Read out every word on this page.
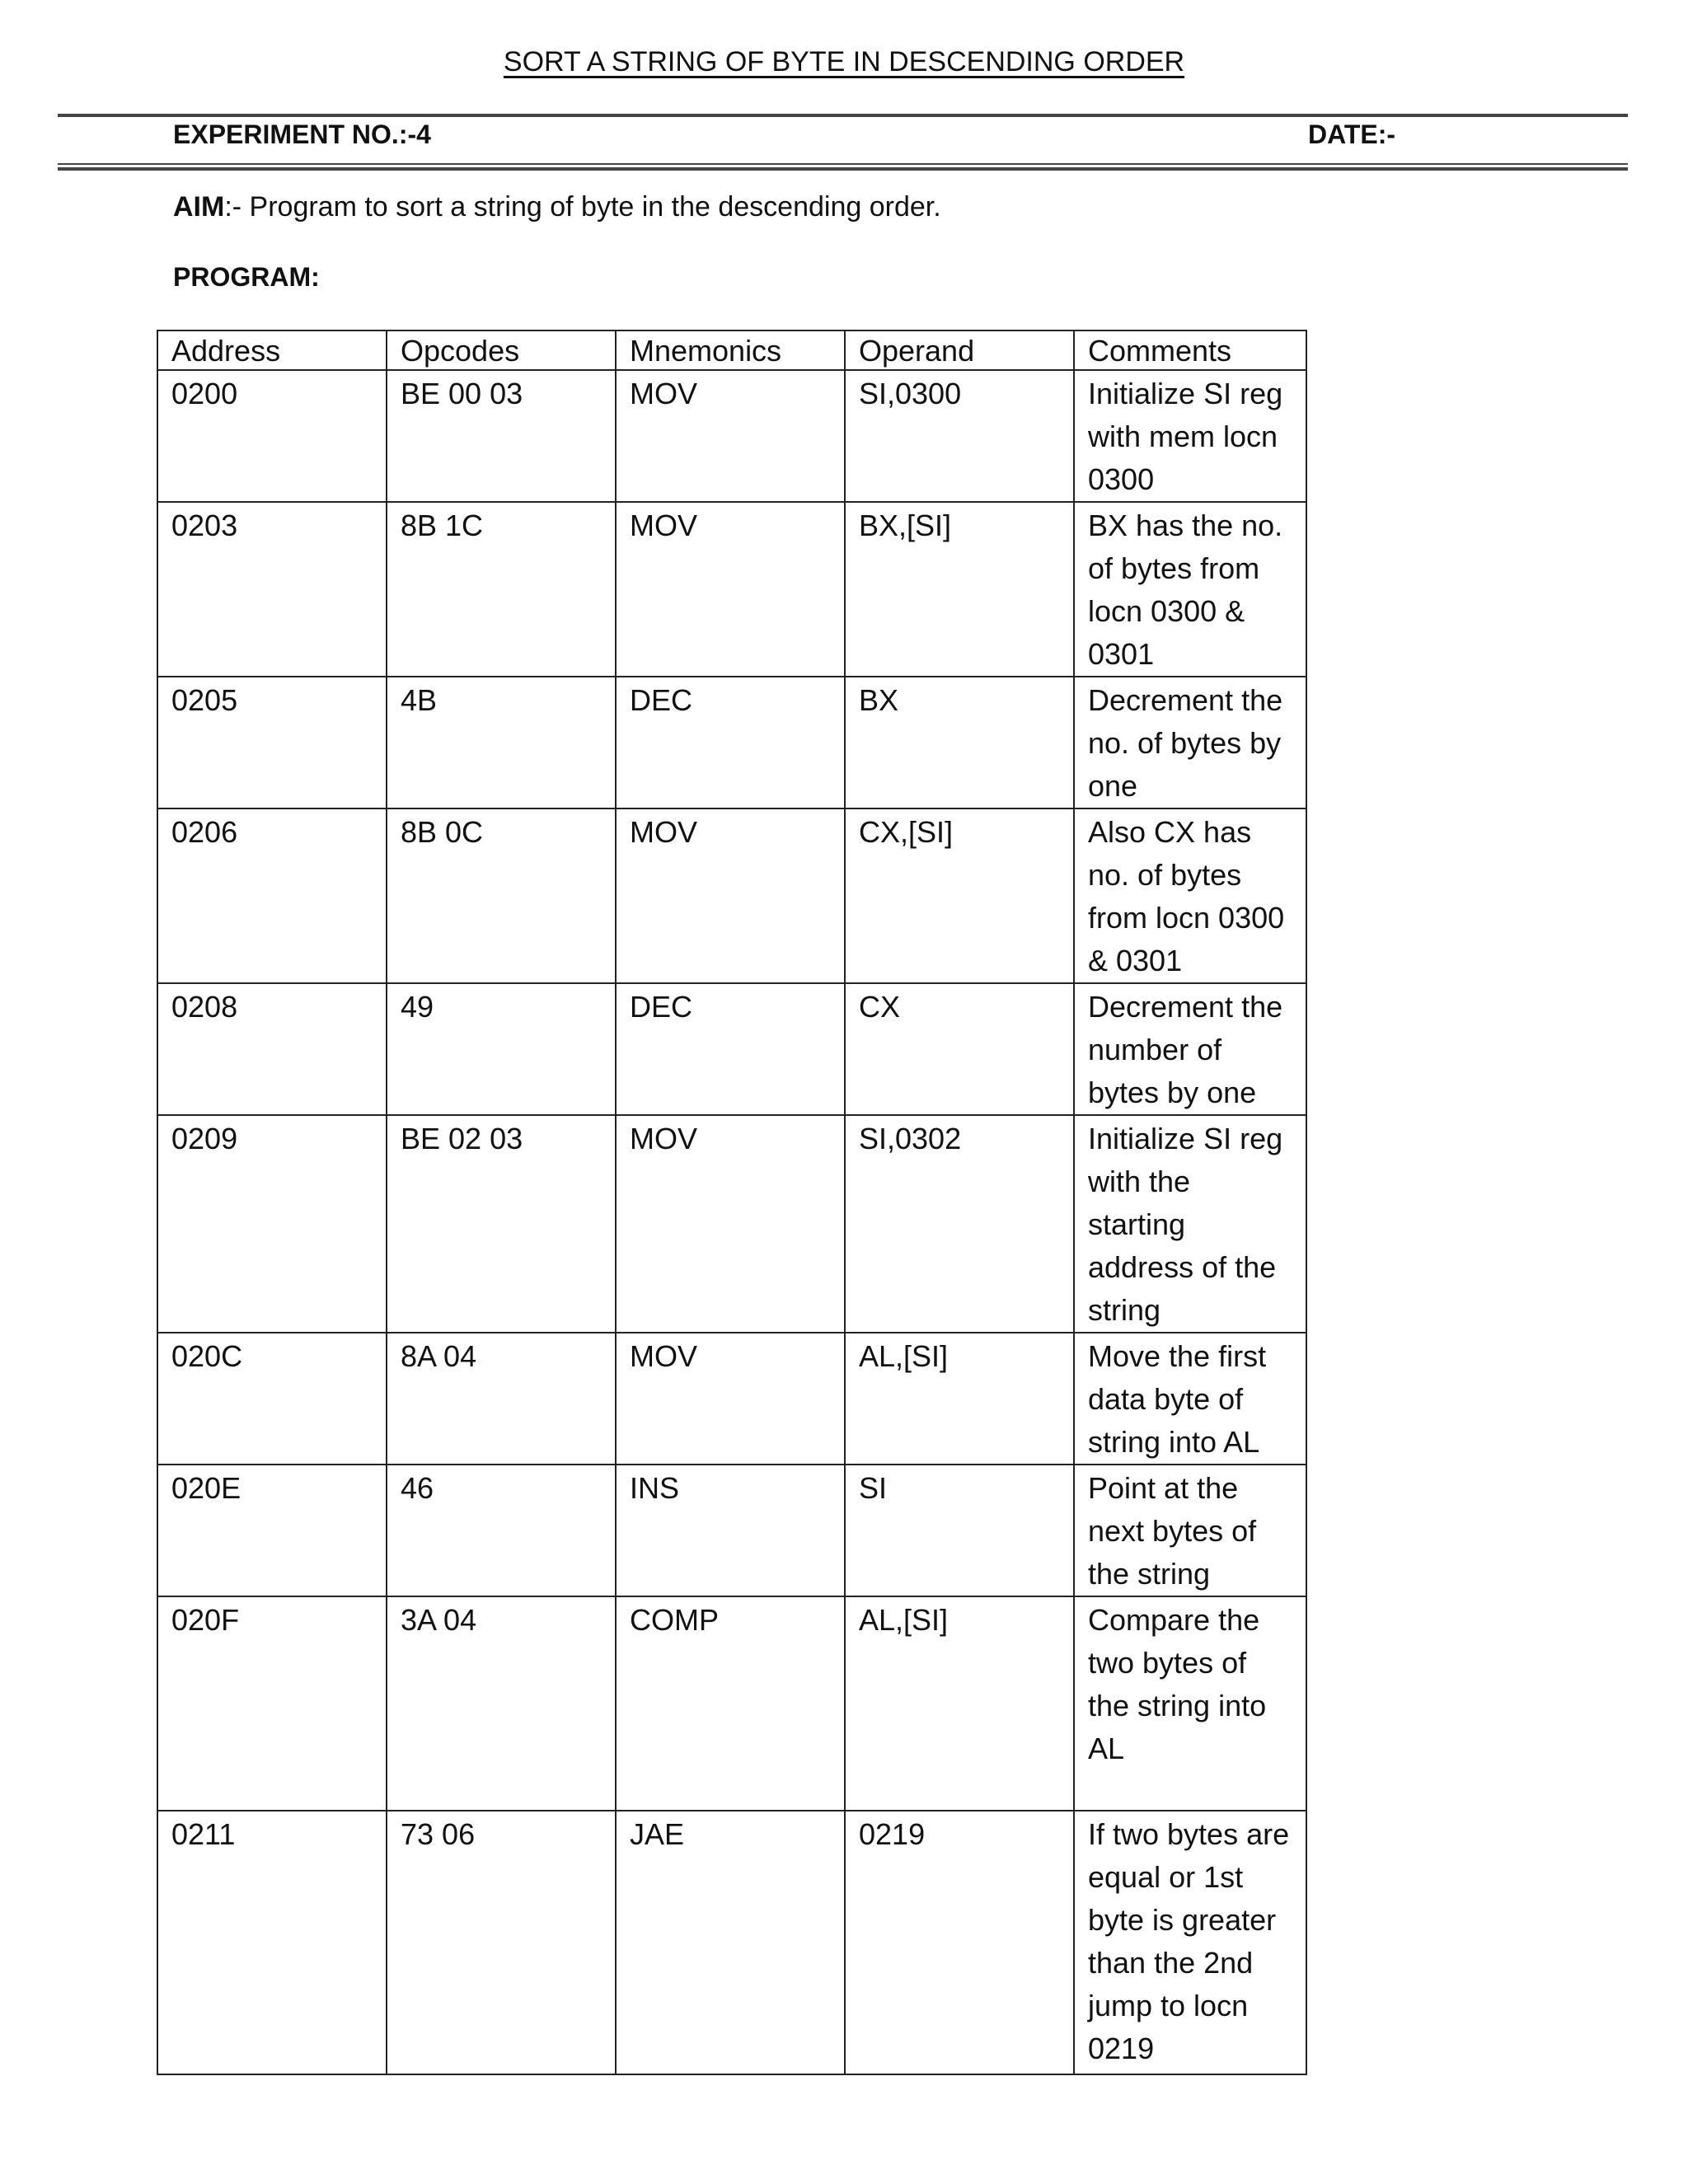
SORT A STRING OF BYTE IN DESCENDING ORDER
EXPERIMENT NO.:-4	DATE:-
AIM:- Program to sort a string of byte in the descending order.
PROGRAM:
Address	Opcodes	Mnemonics	Operand	Comments
0200	BE 00 03	MOV	SI,0300	Initialize SI reg with mem locn 0300
0203	8B 1C	MOV	BX,[SI]	BX has the no. of bytes from locn 0300 & 0301
0205	4B	DEC	BX	Decrement the no. of bytes by one
0206	8B 0C	MOV	CX,[SI]	Also CX has no. of bytes from locn 0300 & 0301
0208	49	DEC	CX	Decrement the number of bytes by one
0209	BE 02 03	MOV	SI,0302	Initialize SI reg with the starting address of the string
020C	8A 04	MOV	AL,[SI]	Move the first data byte of string into AL
020E	46	INS	SI	Point at the next bytes of the string
020F	3A 04	COMP	AL,[SI]	Compare the two bytes of the string into AL
0211	73 06	JAE	0219	If two bytes are equal or 1st byte is greater than the 2nd jump to locn 0219
